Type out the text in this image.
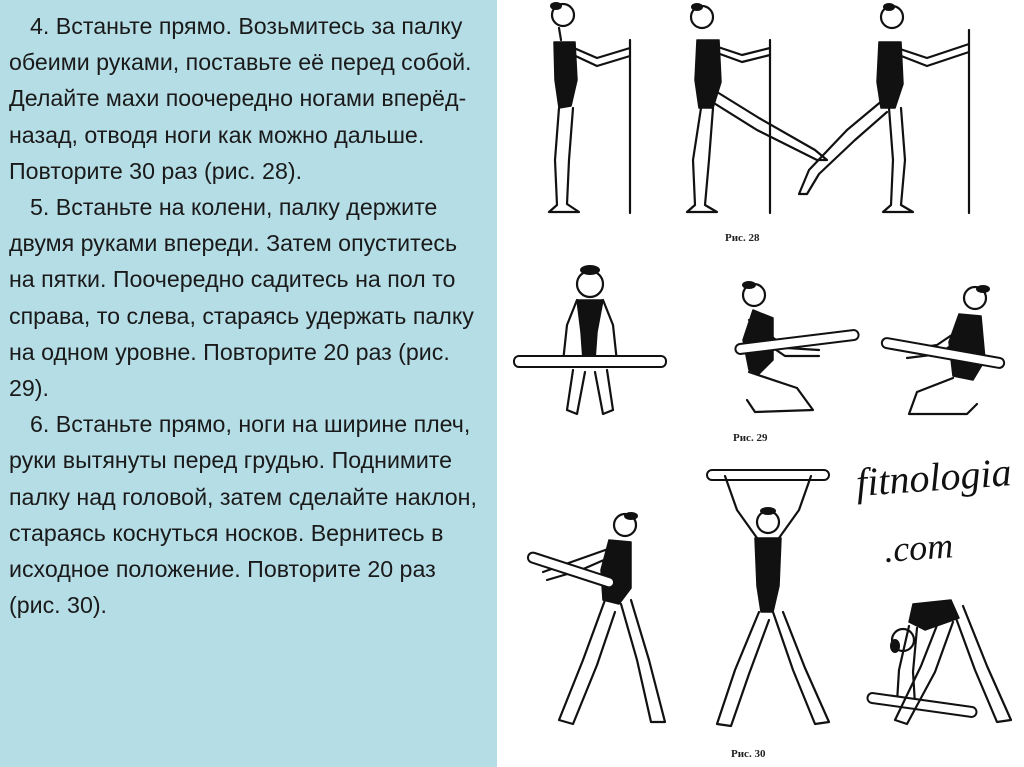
4. Встаньте прямо. Возьмитесь за палку обеими руками, поставьте её перед собой. Делайте махи поочередно ногами вперёд-назад, отводя ноги как можно дальше. Повторите 30 раз (рис. 28).

5. Встаньте на колени, палку держите двумя руками впереди. Затем опуститесь на пятки. Поочередно садитесь на пол то справа, то слева, стараясь удержать палку на одном уровне. Повторите 20 раз (рис. 29).

6. Встаньте прямо, ноги на ширине плеч, руки вытянуты перед грудью. Поднимите палку над головой, затем сделайте наклон, стараясь коснуться носков. Вернитесь в исходное положение. Повторите 20 раз (рис. 30).

Рис. 28
Рис. 29
Рис. 30
fitnologia
.com
